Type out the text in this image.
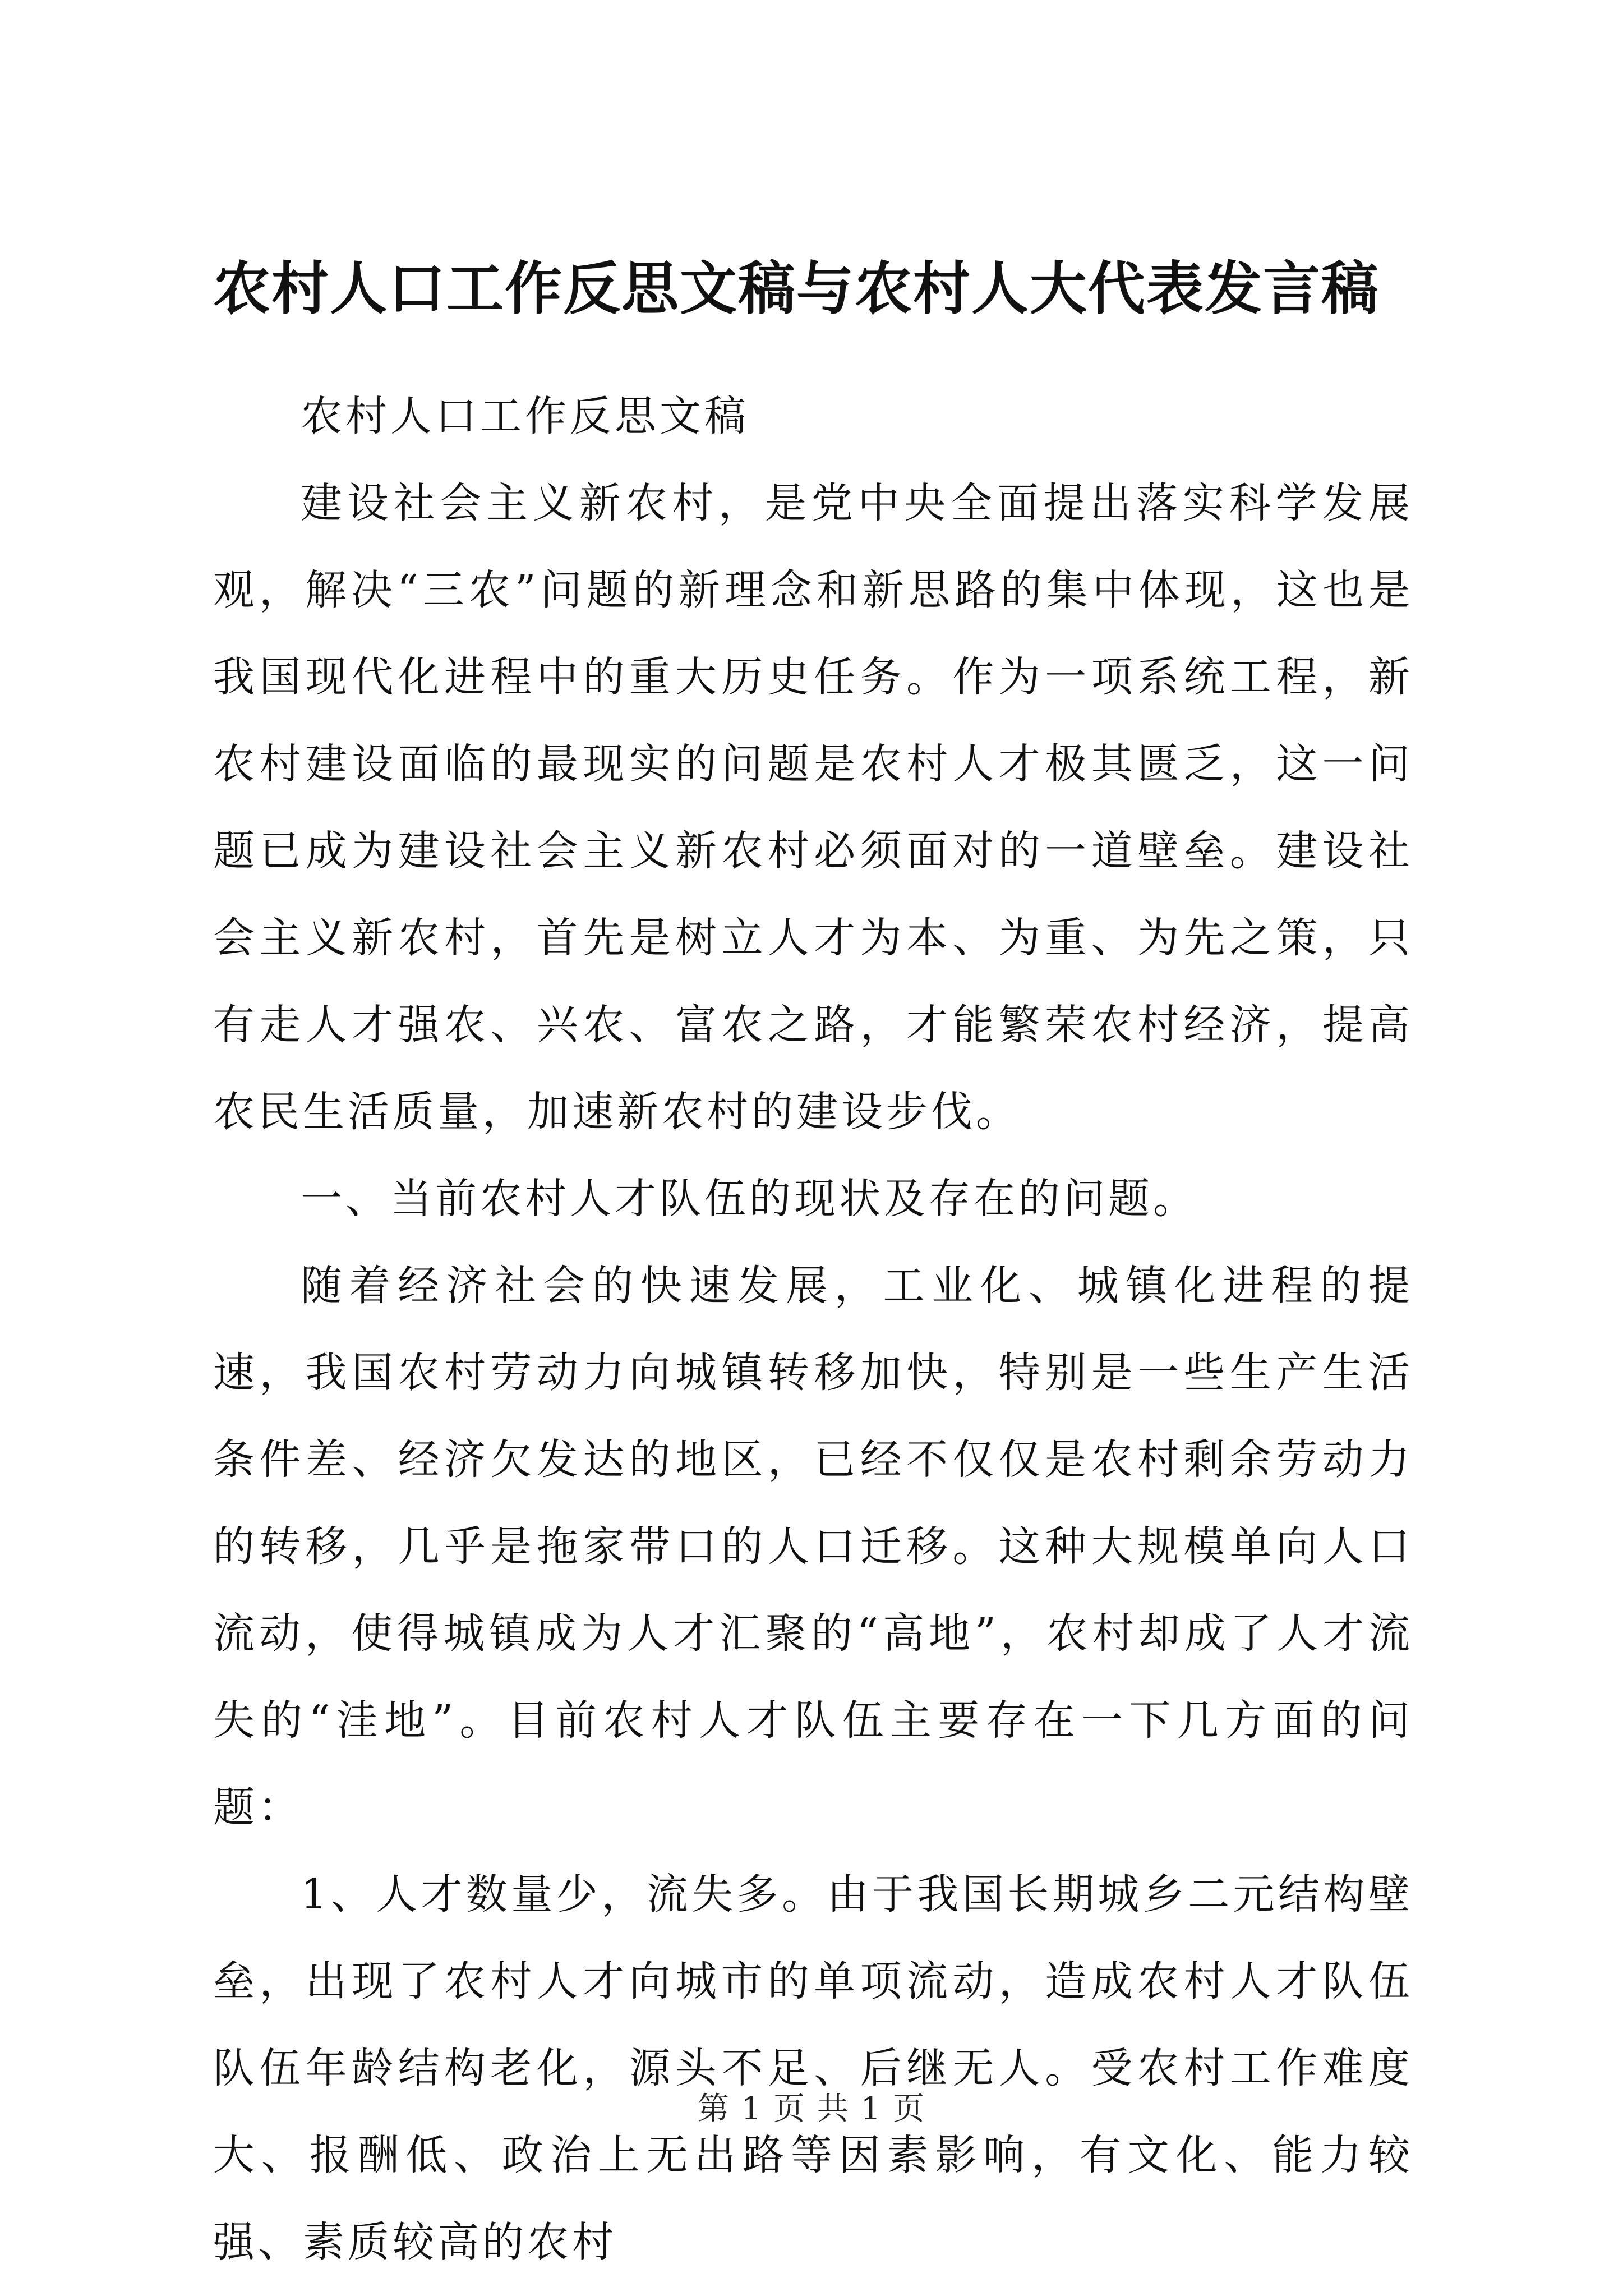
农村人口工作反思文稿与农村人大代表发言稿

农村人口工作反思文稿

建设社会主义新农村，是党中央全面提出落实科学发展观，解决“三农”问题的新理念和新思路的集中体现，这也是我国现代化进程中的重大历史任务。作为一项系统工程，新农村建设面临的最现实的问题是农村人才极其匮乏，这一问题已成为建设社会主义新农村必须面对的一道壁垒。建设社会主义新农村，首先是树立人才为本、为重、为先之策，只有走人才强农、兴农、富农之路，才能繁荣农村经济，提高农民生活质量，加速新农村的建设步伐。

一、当前农村人才队伍的现状及存在的问题。

随着经济社会的快速发展，工业化、城镇化进程的提速，我国农村劳动力向城镇转移加快，特别是一些生产生活条件差、经济欠发达的地区，已经不仅仅是农村剩余劳动力的转移，几乎是拖家带口的人口迁移。这种大规模单向人口流动，使得城镇成为人才汇聚的“高地”，农村却成了人才流失的“洼地”。目前农村人才队伍主要存在一下几方面的问题：

1、人才数量少，流失多。由于我国长期城乡二元结构壁垒，出现了农村人才向城市的单项流动，造成农村人才队伍队伍年龄结构老化，源头不足、后继无人。受农村工作难度大、报酬低、政治上无出路等因素影响，有文化、能力较强、素质较高的农村

第 1 页 共 1 页
